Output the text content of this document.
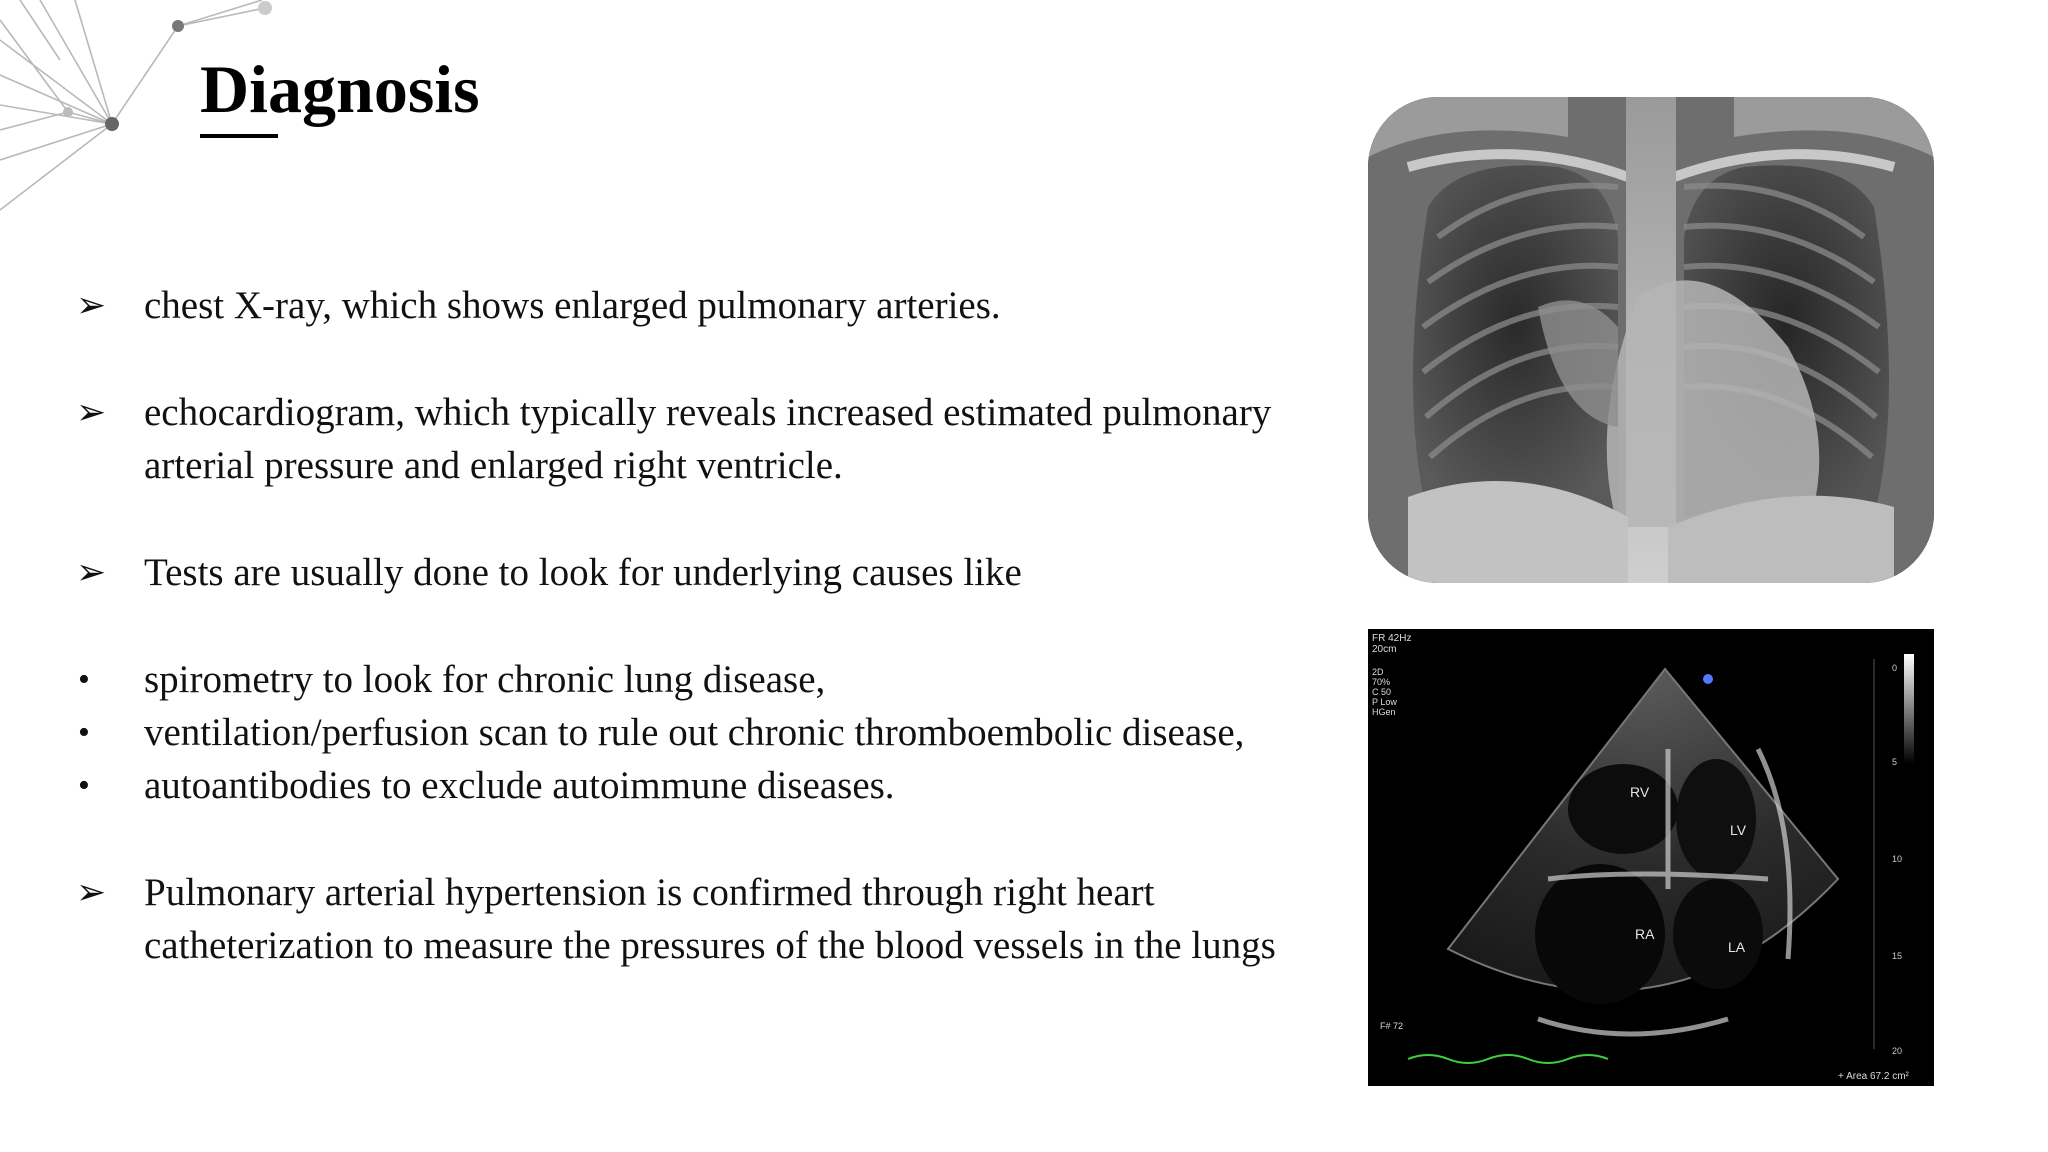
Diagnosis
➢ chest X-ray, which shows enlarged pulmonary arteries.
➢ echocardiogram, which typically reveals increased estimated pulmonary
arterial pressure and enlarged right ventricle.
➢ Tests are usually done to look for underlying causes like
• spirometry to look for chronic lung disease,
• ventilation/perfusion scan to rule out chronic thromboembolic disease,
• autoantibodies to exclude autoimmune diseases.
➢ Pulmonary arterial hypertension is confirmed through right heart
catheterization to measure the pressures of the blood vessels in the lungs
RV
LV
RA
LA
FR 42Hz
20cm
2D
70%
C 50
P Low
HGen
0
5
10
15
20
F# 72
+ Area 67.2 cm²
